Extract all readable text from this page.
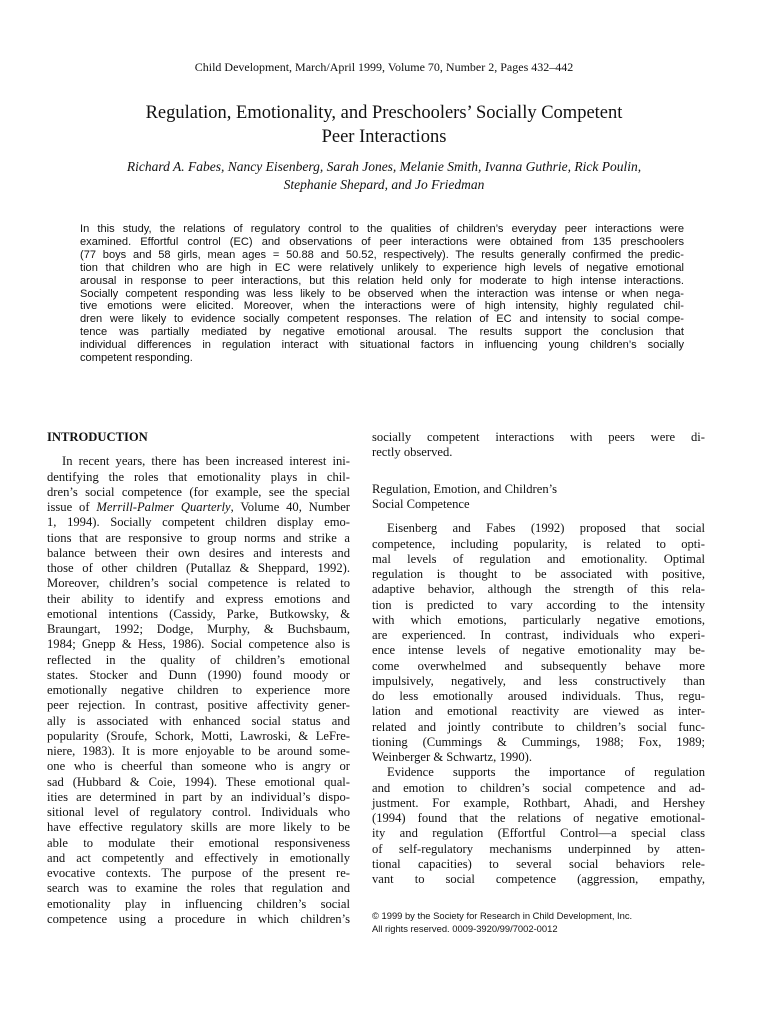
Child Development, March/April 1999, Volume 70, Number 2, Pages 432–442
Regulation, Emotionality, and Preschoolers’ Socially Competent
Peer Interactions
Richard A. Fabes, Nancy Eisenberg, Sarah Jones, Melanie Smith, Ivanna Guthrie, Rick Poulin,
Stephanie Shepard, and Jo Friedman
In this study, the relations of regulatory control to the qualities of children’s everyday peer interactions were
examined. Effortful control (EC) and observations of peer interactions were obtained from 135 preschoolers
(77 boys and 58 girls, mean ages = 50.88 and 50.52, respectively). The results generally confirmed the predic-
tion that children who are high in EC were relatively unlikely to experience high levels of negative emotional
arousal in response to peer interactions, but this relation held only for moderate to high intense interactions.
Socially competent responding was less likely to be observed when the interaction was intense or when nega-
tive emotions were elicited. Moreover, when the interactions were of high intensity, highly regulated chil-
dren were likely to evidence socially competent responses. The relation of EC and intensity to social compe-
tence was partially mediated by negative emotional arousal. The results support the conclusion that
individual differences in regulation interact with situational factors in influencing young children’s socially
competent responding.
INTRODUCTION
In recent years, there has been increased interest ini-
dentifying the roles that emotionality plays in chil-
dren’s social competence (for example, see the special
issue of Merrill-Palmer Quarterly, Volume 40, Number
1, 1994). Socially competent children display emo-
tions that are responsive to group norms and strike a
balance between their own desires and interests and
those of other children (Putallaz & Sheppard, 1992).
Moreover, children’s social competence is related to
their ability to identify and express emotions and
emotional intentions (Cassidy, Parke, Butkowsky, &
Braungart, 1992; Dodge, Murphy, & Buchsbaum,
1984; Gnepp & Hess, 1986). Social competence also is
reflected in the quality of children’s emotional
states. Stocker and Dunn (1990) found moody or
emotionally negative children to experience more
peer rejection. In contrast, positive affectivity gener-
ally is associated with enhanced social status and
popularity (Sroufe, Schork, Motti, Lawroski, & LeFre-
niere, 1983). It is more enjoyable to be around some-
one who is cheerful than someone who is angry or
sad (Hubbard & Coie, 1994). These emotional qual-
ities are determined in part by an individual’s dispo-
sitional level of regulatory control. Individuals who
have effective regulatory skills are more likely to be
able to modulate their emotional responsiveness
and act competently and effectively in emotionally
evocative contexts. The purpose of the present re-
search was to examine the roles that regulation and
emotionality play in influencing children’s social
competence using a procedure in which children’s
socially competent interactions with peers were di-
rectly observed.
Regulation, Emotion, and Children’s
Social Competence
Eisenberg and Fabes (1992) proposed that social
competence, including popularity, is related to opti-
mal levels of regulation and emotionality. Optimal
regulation is thought to be associated with positive,
adaptive behavior, although the strength of this rela-
tion is predicted to vary according to the intensity
with which emotions, particularly negative emotions,
are experienced. In contrast, individuals who experi-
ence intense levels of negative emotionality may be-
come overwhelmed and subsequently behave more
impulsively, negatively, and less constructively than
do less emotionally aroused individuals. Thus, regu-
lation and emotional reactivity are viewed as inter-
related and jointly contribute to children’s social func-
tioning (Cummings & Cummings, 1988; Fox, 1989;
Weinberger & Schwartz, 1990).
Evidence supports the importance of regulation
and emotion to children’s social competence and ad-
justment. For example, Rothbart, Ahadi, and Hershey
(1994) found that the relations of negative emotional-
ity and regulation (Effortful Control—a special class
of self-regulatory mechanisms underpinned by atten-
tional capacities) to several social behaviors rele-
vant to social competence (aggression, empathy,
© 1999 by the Society for Research in Child Development, Inc.
All rights reserved. 0009-3920/99/7002-0012
